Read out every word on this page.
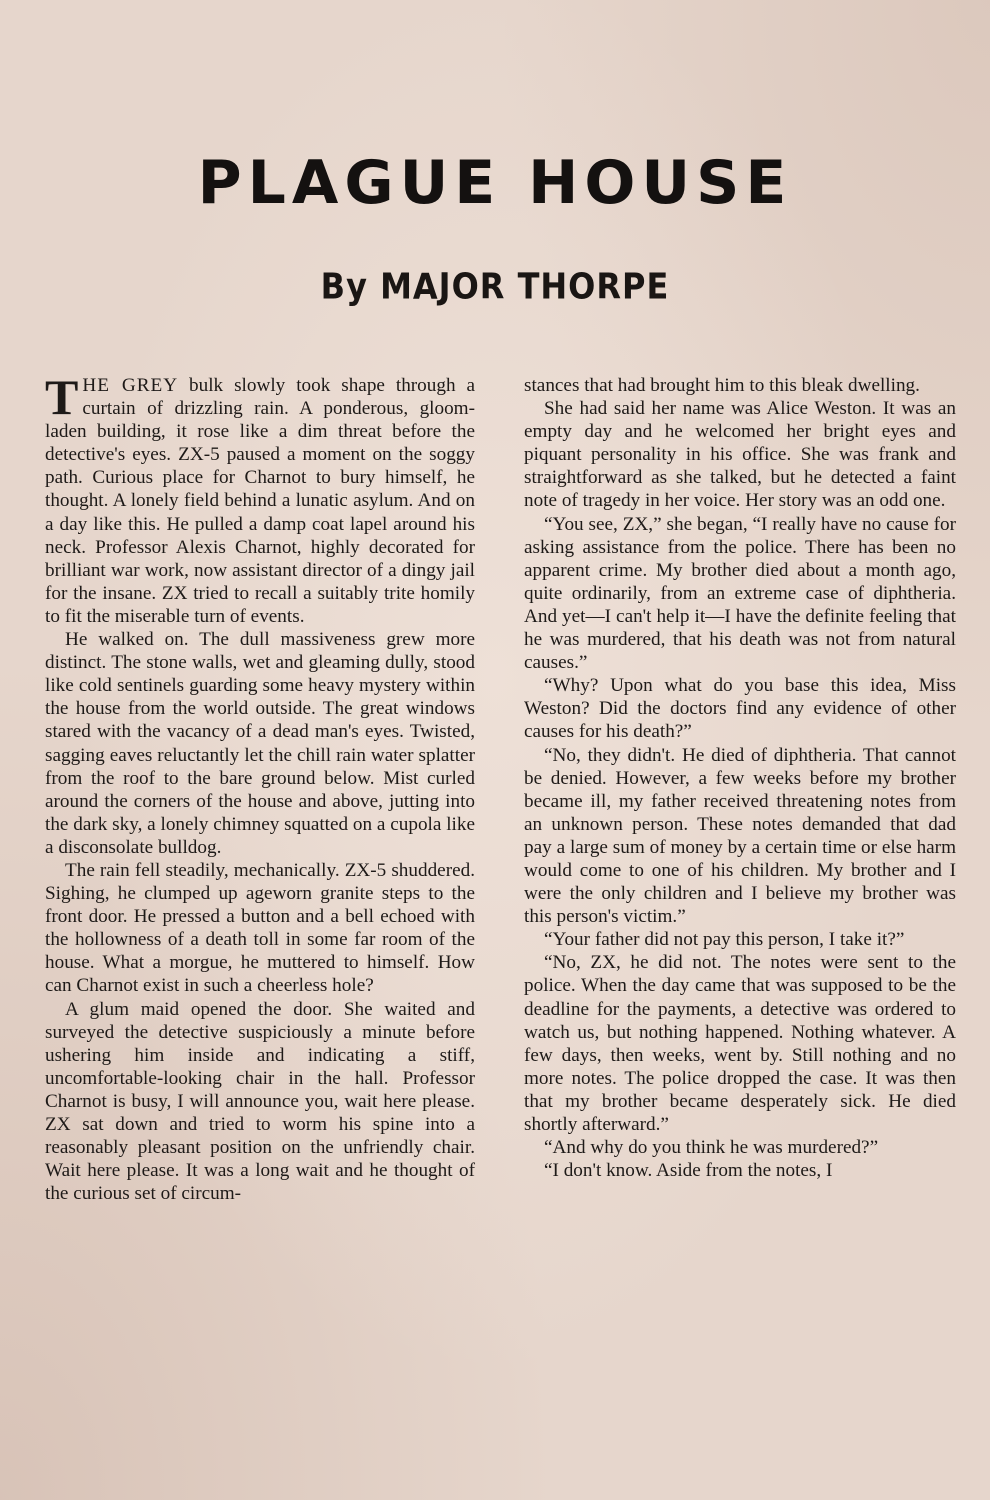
PLAGUE HOUSE
By MAJOR THORPE

THE GREY bulk slowly took shape through a curtain of drizzling rain. A ponderous, gloom-laden building, it rose like a dim threat before the detective's eyes. ZX-5 paused a moment on the soggy path. Curious place for Charnot to bury himself, he thought. A lonely field behind a lunatic asylum. And on a day like this. He pulled a damp coat lapel around his neck. Professor Alexis Charnot, highly decorated for brilliant war work, now assistant director of a dingy jail for the insane. ZX tried to recall a suitably trite homily to fit the miserable turn of events.

He walked on. The dull massiveness grew more distinct. The stone walls, wet and gleaming dully, stood like cold sentinels guarding some heavy mystery within the house from the world outside. The great windows stared with the vacancy of a dead man's eyes. Twisted, sagging eaves reluctantly let the chill rain water splatter from the roof to the bare ground below. Mist curled around the corners of the house and above, jutting into the dark sky, a lonely chimney squatted on a cupola like a disconsolate bulldog.

The rain fell steadily, mechanically. ZX-5 shuddered. Sighing, he clumped up ageworn granite steps to the front door. He pressed a button and a bell echoed with the hollowness of a death toll in some far room of the house. What a morgue, he muttered to himself. How can Charnot exist in such a cheerless hole?

A glum maid opened the door. She waited and surveyed the detective suspiciously a minute before ushering him inside and indicating a stiff, uncomfortable-looking chair in the hall. Professor Charnot is busy, I will announce you, wait here please. ZX sat down and tried to worm his spine into a reasonably pleasant position on the unfriendly chair. Wait here please. It was a long wait and he thought of the curious set of circum-

stances that had brought him to this bleak dwelling.

She had said her name was Alice Weston. It was an empty day and he welcomed her bright eyes and piquant personality in his office. She was frank and straightforward as she talked, but he detected a faint note of tragedy in her voice. Her story was an odd one.

“You see, ZX,” she began, “I really have no cause for asking assistance from the police. There has been no apparent crime. My brother died about a month ago, quite ordinarily, from an extreme case of diphtheria. And yet—I can't help it—I have the definite feeling that he was murdered, that his death was not from natural causes.”

“Why? Upon what do you base this idea, Miss Weston? Did the doctors find any evidence of other causes for his death?”

“No, they didn't. He died of diphtheria. That cannot be denied. However, a few weeks before my brother became ill, my father received threatening notes from an unknown person. These notes demanded that dad pay a large sum of money by a certain time or else harm would come to one of his children. My brother and I were the only children and I believe my brother was this person's victim.”

“Your father did not pay this person, I take it?”

“No, ZX, he did not. The notes were sent to the police. When the day came that was supposed to be the deadline for the payments, a detective was ordered to watch us, but nothing happened. Nothing whatever. A few days, then weeks, went by. Still nothing and no more notes. The police dropped the case. It was then that my brother became desperately sick. He died shortly afterward.”

“And why do you think he was murdered?”

“I don't know. Aside from the notes, I
